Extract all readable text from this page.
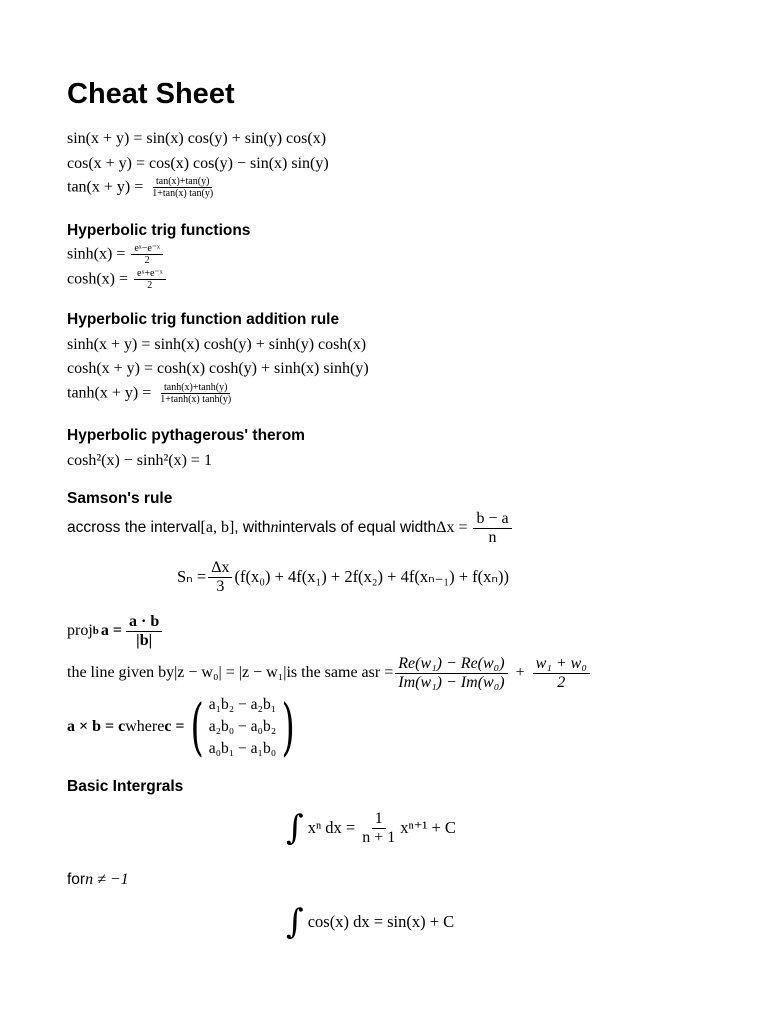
Cheat Sheet
sin(x + y) = sin(x) cos(y) + sin(y) cos(x)
cos(x + y) = cos(x) cos(y) − sin(x) sin(y)
$\tan(x + y) = \frac{\tan(x)+\tan(y)}{1+\tan(x) \tan(y)}$
Hyperbolic trig functions
$\sinh(x) = \frac{\text{eˣ−e⁻ˣ}}{2}$
$\cosh(x) = \frac{\text{eˣ+e⁻ˣ}}{2}$
Hyperbolic trig function addition rule
sinh(x + y) = sinh(x) cosh(y) + sinh(y) cosh(x)
cosh(x + y) = cosh(x) cosh(y) + sinh(x) sinh(y)
$\tanh(x + y) = \frac{\tanh(x)+\tanh(y)}{1+\tanh(x) \tanh(y)}$
Hyperbolic pythagerous' therom
cosh²(x) − sinh²(x) = 1
Samson's rule
accross the interval [a, b] , with n intervals of equal width $\Delta x = \frac{b - a}{n}$
$S_n = \frac{\Delta x}{3} (f(x_0) + 4f(x_1) + 2f(x_2) + 4f(x_{n-1}) + f(x_n))$
proj b $a = \frac{a \cdot b}{|b|}$
the line given by |z − w₀| = |z − w₁| is the same as $r = \frac{\text{Re(w₁) − Re(w₀)}}{\text{Im(w₁) − Im(w₀)}} + \frac{\text{w₁ + w₀}}{2}$
a × b = c where c = ( a₁b₂ − a₂b₁
a₂b₀ − a₀b₂
a₀b₁ − a₁b₀ )
Basic Intergrals
∫ xⁿ dx = $\frac{1}{n + 1} x^{n+1} + C$
for n ≠ −1
∫ cos(x) dx = sin(x) + C
